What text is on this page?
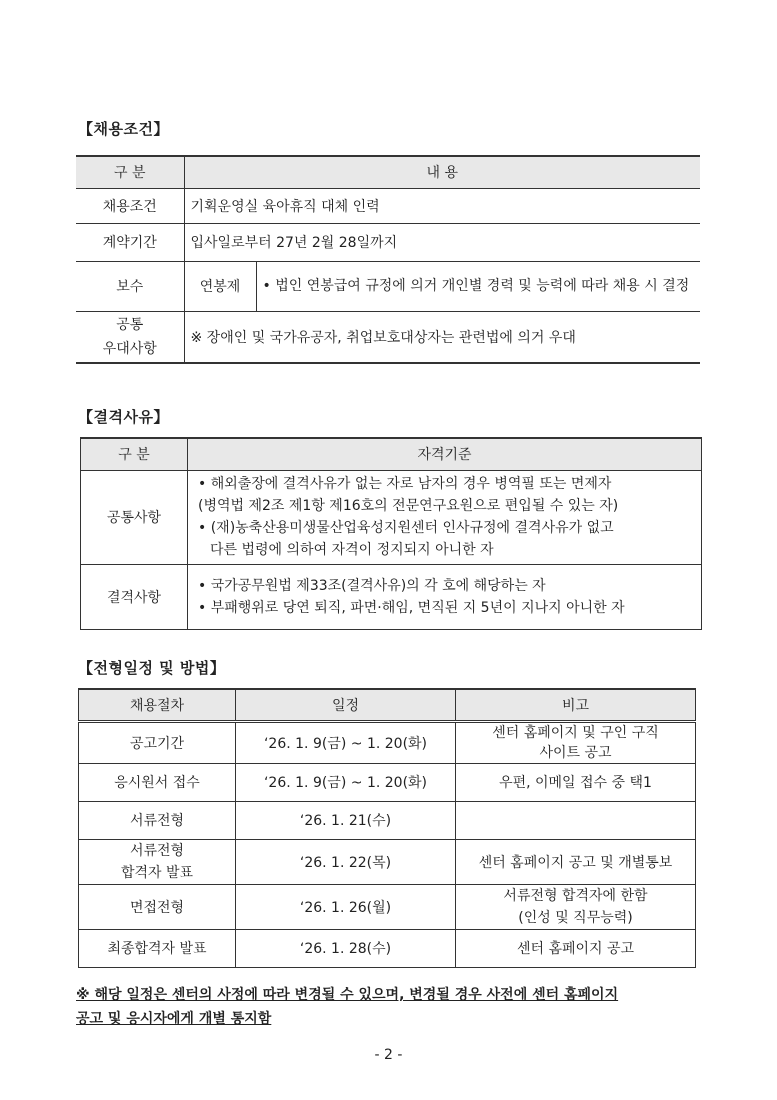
【채용조건】
구 분	내 용	
채용조건	기획운영실 육아휴직 대체 인력	
계약기간	입사일로부터 27년 2월 28일까지	
보수	연봉제	• 법인 연봉급여 규정에 의거 개인별 경력 및 능력에 따라 채용 시 결정

공통
우대사항	※ 장애인 및 국가유공자, 취업보호대상자는 관련법에 의거 우대	
【결격사유】
구 분	자격기준
공통사항	• 해외출장에 결격사유가 없는 자로 남자의 경우 병역필 또는 면제자
(병역법 제2조 제1항 제16호의 전문연구요원으로 편입될 수 있는 자)
• (재)농축산용미생물산업육성지원센터 인사규정에 결격사유가 없고
다른 법령에 의하여 자격이 정지되지 아니한 자

결격사항	• 국가공무원법 제33조(결격사유)의 각 호에 해당하는 자
• 부패행위로 당연 퇴직, 파면·해임, 면직된 지 5년이 지나지 아니한 자
【전형일정 및 방법】
채용절차	일정	비고
공고기간	‘26. 1. 9(금) ~ 1. 20(화)	센터 홈페이지 및 구인 구직
사이트 공고

응시원서 접수	‘26. 1. 9(금) ~ 1. 20(화)	우편, 이메일 접수 중 택1
서류전형	‘26. 1. 21(수)	

서류전형
합격자 발표	‘26. 1. 22(목)	센터 홈페이지 공고 및 개별통보
면접전형	‘26. 1. 26(월)	서류전형 합격자에 한함
(인성 및 직무능력)

최종합격자 발표	‘26. 1. 28(수)	센터 홈페이지 공고
※ 해당 일정은 센터의 사정에 따라 변경될 수 있으며, 변경될 경우 사전에 센터 홈페이지
공고 및 응시자에게 개별 통지함
- 2 -
